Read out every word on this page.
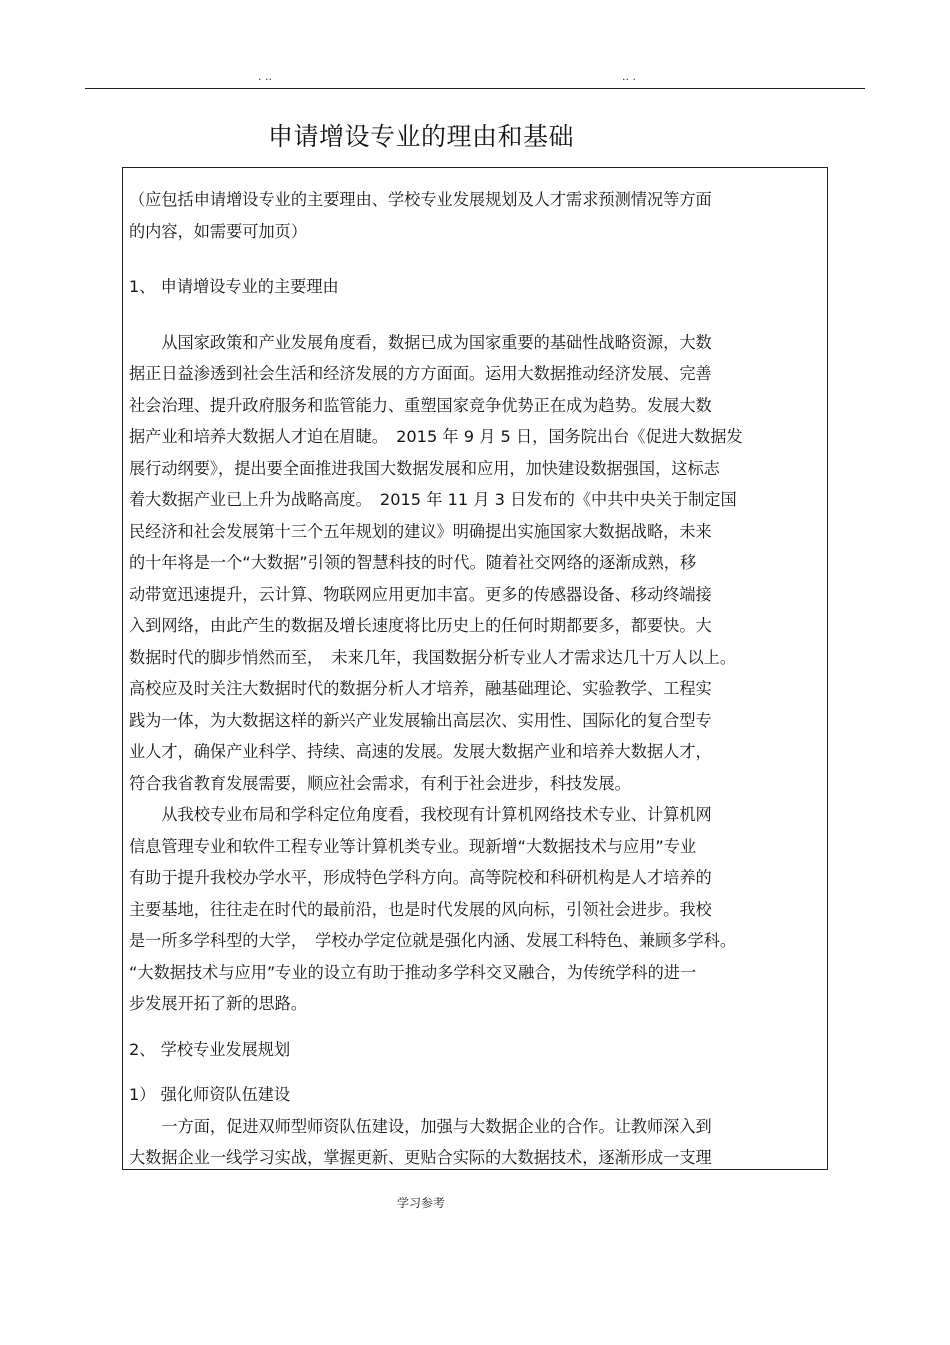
. ..	.. .
申请增设专业的理由和基础
（应包括申请增设专业的主要理由、学校专业发展规划及人才需求预测情况等方面
的内容，如需要可加页）
1、 申请增设专业的主要理由
　　从国家政策和产业发展角度看，数据已成为国家重要的基础性战略资源，大数
据正日益渗透到社会生活和经济发展的方方面面。运用大数据推动经济发展、完善
社会治理、提升政府服务和监管能力、重塑国家竞争优势正在成为趋势。发展大数
据产业和培养大数据人才迫在眉睫。　2015 年 9 月 5 日，国务院出台《促进大数据发
展行动纲要》，提出要全面推进我国大数据发展和应用，加快建设数据强国，这标志
着大数据产业已上升为战略高度。　2015 年 11 月 3 日发布的《中共中央关于制定国
民经济和社会发展第十三个五年规划的建议》明确提出实施国家大数据战略，未来
的十年将是一个“大数据”引领的智慧科技的时代。随着社交网络的逐渐成熟，移
动带宽迅速提升，云计算、物联网应用更加丰富。更多的传感器设备、移动终端接
入到网络，由此产生的数据及增长速度将比历史上的任何时期都要多，都要快。大
数据时代的脚步悄然而至，　未来几年，我国数据分析专业人才需求达几十万人以上。
高校应及时关注大数据时代的数据分析人才培养，融基础理论、实验教学、工程实
践为一体，为大数据这样的新兴产业发展输出高层次、实用性、国际化的复合型专
业人才，确保产业科学、持续、高速的发展。发展大数据产业和培养大数据人才，
符合我省教育发展需要，顺应社会需求，有利于社会进步，科技发展。
　　从我校专业布局和学科定位角度看，我校现有计算机网络技术专业、计算机网
信息管理专业和软件工程专业等计算机类专业。现新增“大数据技术与应用”专业
有助于提升我校办学水平，形成特色学科方向。高等院校和科研机构是人才培养的
主要基地，往往走在时代的最前沿，也是时代发展的风向标，引领社会进步。我校
是一所多学科型的大学，　学校办学定位就是强化内涵、发展工科特色、兼顾多学科。
“大数据技术与应用”专业的设立有助于推动多学科交叉融合，为传统学科的进一
步发展开拓了新的思路。
2、 学校专业发展规划
1） 强化师资队伍建设
　　一方面，促进双师型师资队伍建设，加强与大数据企业的合作。让教师深入到
大数据企业一线学习实战，掌握更新、更贴合实际的大数据技术，逐渐形成一支理
学习参考
